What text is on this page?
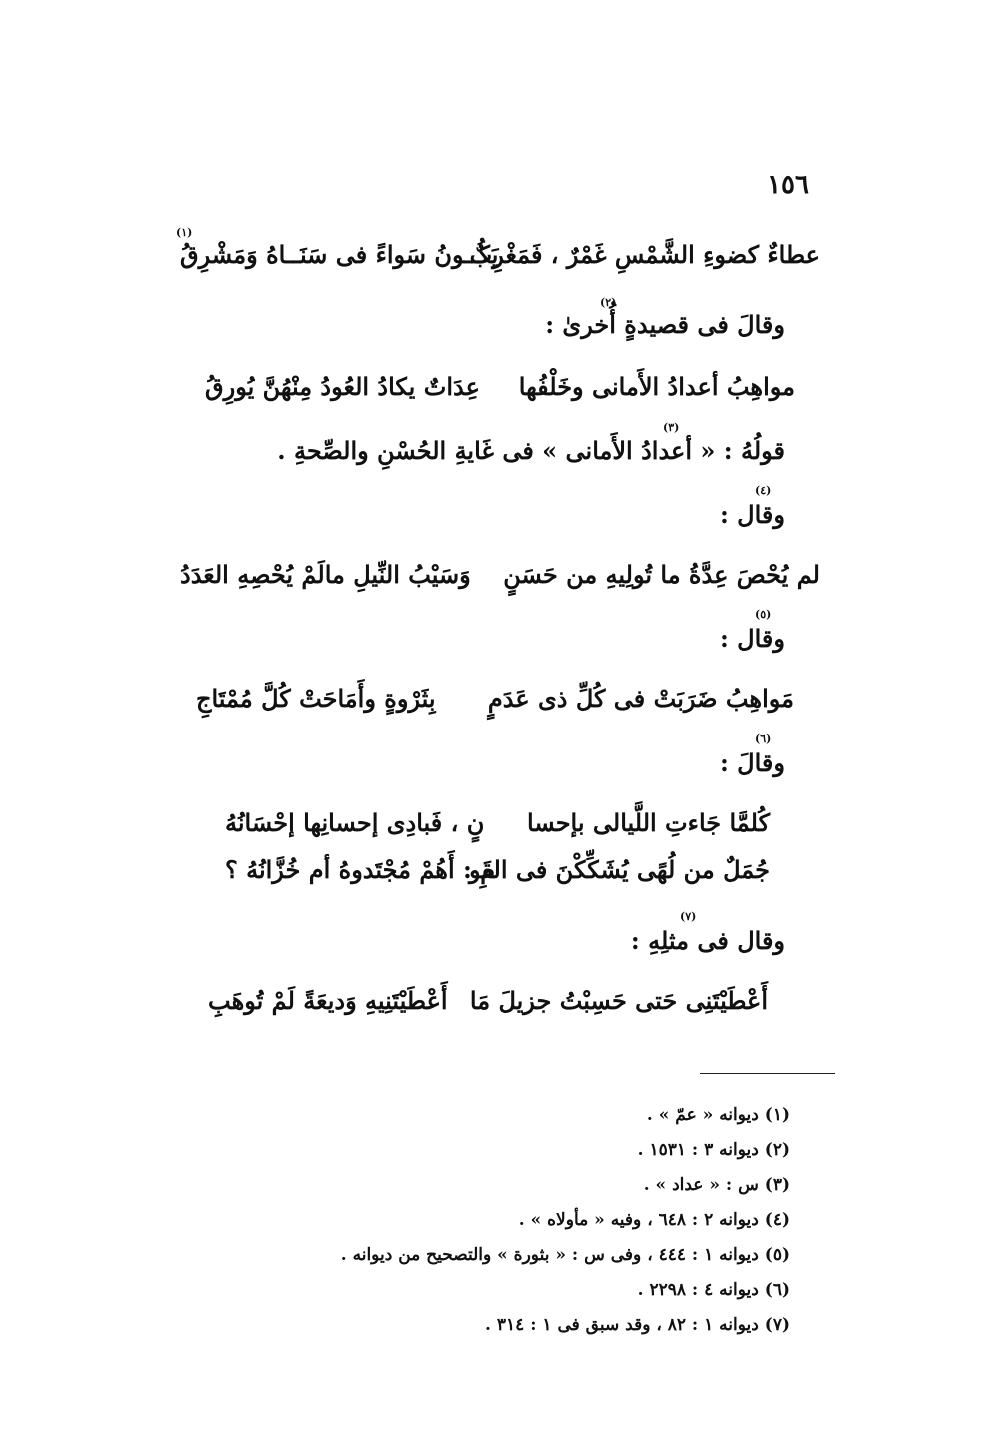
١٥٦
(١)
عطاءٌ كضوءِ الشَّمْسِ غَمْرٌ ، فَمَغْرِبٌ
يَكُــونُ سَواءً فى سَنَــاهُ وَمَشْرِقُ
(٢)
وقالَ فى قصيدةٍ أُخرىٰ :
مواهِبُ أعدادُ الأَمانى وخَلْفُها
عِدَاتٌ يكادُ العُودُ مِنْهُنَّ يُورِقُ
(٣)
قولُهُ : « أعدادُ الأَمانى » فى غَايةِ الحُسْنِ والصِّحةِ .
(٤)
وقال :
لم يُحْصَ عِدَّةُ ما تُولِيهِ من حَسَنٍ
وَسَيْبُ النِّيلِ مالَمْ يُحْصِهِ العَدَدُ
(٥)
وقال :
مَواهِبُ ضَرَبَتْ فى كُلِّ ذى عَدَمٍ
بِثَرْوةٍ وأَمَاحَتْ كُلَّ مُمْتَاجِ
(٦)
وقالَ :
كُلمَّا جَاءتِ اللَّيالى بإحسا
نٍ ، فَبادِى إحسانِها إحْسَانُهُ
جُمَلٌ من لُهًى يُشَكِّكْنَ فى القَو
مِ : أَهُمْ مُجْتَدوهُ أم خُزَّانُهُ ؟
(٧)
وقال فى مثلِهِ :
أَعْطَيْتَنِى حَتى حَسِبْتُ جزيلَ مَا
أَعْطَيْتَنِيهِ وَديعَةً لَمْ تُوهَبِ
(١) ديوانه « عمّ » .
(٢) ديوانه ٣ : ١٥٣١ .
(٣) س : « عداد » .
(٤) ديوانه ٢ : ٦٤٨ ، وفيه « مأولاه » .
(٥) ديوانه ١ : ٤٤٤ ، وفى س : « بثورة » والتصحيح من ديوانه .
(٦) ديوانه ٤ : ٢٢٩٨ .
(٧) ديوانه ١ : ٨٢ ، وقد سبق فى ١ : ٣١٤ .
